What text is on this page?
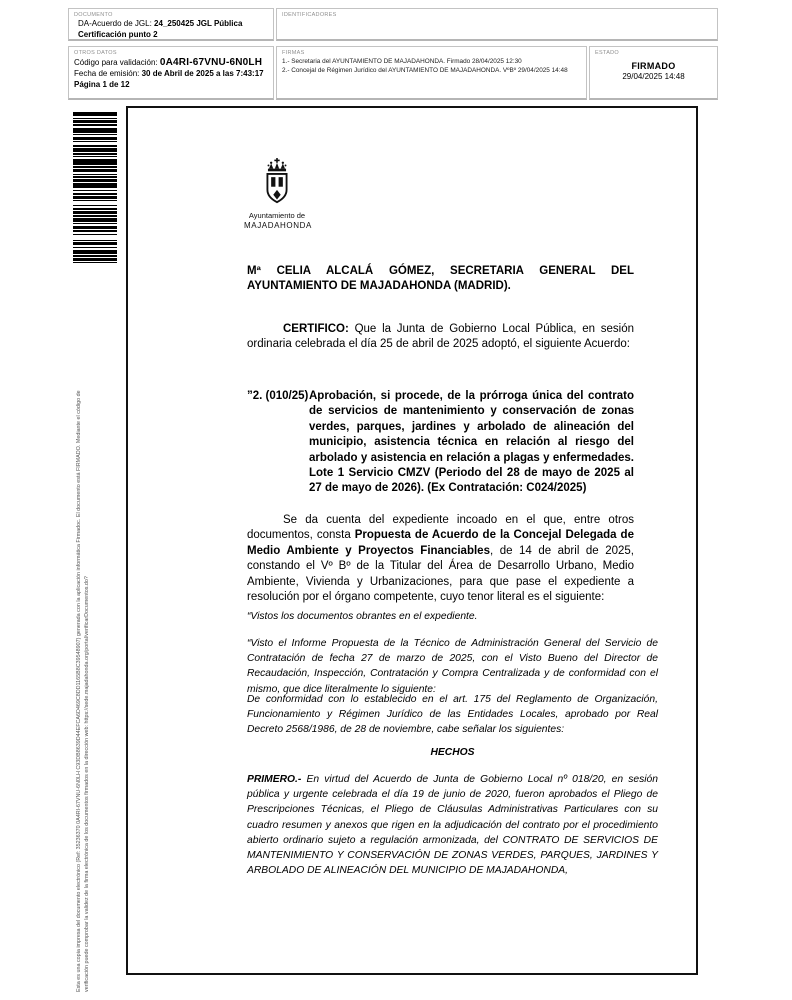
DOCUMENTO
DA-Acuerdo de JGL: 24_250425 JGL Pública
Certificación punto 2
IDENTIFICADORES
OTROS DATOS
Código para validación: 0A4RI-67VNU-6N0LH
Fecha de emisión: 30 de Abril de 2025 a las 7:43:17
Página 1 de 12
FIRMAS
1.- Secretaria del AYUNTAMIENTO DE MAJADAHONDA. Firmado 28/04/2025 12:30
2.- Concejal de Régimen Jurídico del AYUNTAMIENTO DE MAJADAHONDA. VºBº 29/04/2025 14:48
ESTADO
FIRMADO
29/04/2025 14:48
Esta es una copia impresa del documento electrónico (Ref: 35236370 0A4RI-67VNU-6N0LH C93DB8639D44EFCA6D469C8DD1165B8C39548907) generada con la aplicación informática Firmadoc. El documento está FIRMADO. Mediante el código de verificación puede comprobar la validez de la firma electrónica de los documentos firmados en la dirección web: https://sede.majadahonda.org/portal/verificarDocumentos.do?
Ayuntamiento de
MAJADAHONDA
Mª CELIA ALCALÁ GÓMEZ, SECRETARIA GENERAL DEL AYUNTAMIENTO DE MAJADAHONDA (MADRID).
CERTIFICO: Que la Junta de Gobierno Local Pública, en sesión ordinaria celebrada el día 25 de abril de 2025 adoptó, el siguiente Acuerdo:
”2. (010/25) Aprobación, si procede, de la prórroga única del contrato de servicios de mantenimiento y conservación de zonas verdes, parques, jardines y arbolado de alineación del municipio, asistencia técnica en relación al riesgo del arbolado y asistencia en relación a plagas y enfermedades. Lote 1 Servicio CMZV (Periodo del 28 de mayo de 2025 al 27 de mayo de 2026). (Ex Contratación: C024/2025)
Se da cuenta del expediente incoado en el que, entre otros documentos, consta Propuesta de Acuerdo de la Concejal Delegada de Medio Ambiente y Proyectos Financiables, de 14 de abril de 2025, constando el Vº Bº de la Titular del Área de Desarrollo Urbano, Medio Ambiente, Vivienda y Urbanizaciones, para que pase el expediente a resolución por el órgano competente, cuyo tenor literal es el siguiente:
“Vistos los documentos obrantes en el expediente.
“Visto el Informe Propuesta de la Técnico de Administración General del Servicio de Contratación de fecha 27 de marzo de 2025, con el Visto Bueno del Director de Recaudación, Inspección, Contratación y Compra Centralizada y de conformidad con el mismo, que dice literalmente lo siguiente:
De conformidad con lo establecido en el art. 175 del Reglamento de Organización, Funcionamiento y Régimen Jurídico de las Entidades Locales, aprobado por Real Decreto 2568/1986, de 28 de noviembre, cabe señalar los siguientes:
HECHOS
PRIMERO.- En virtud del Acuerdo de Junta de Gobierno Local nº 018/20, en sesión pública y urgente celebrada el día 19 de junio de 2020, fueron aprobados el Pliego de Prescripciones Técnicas, el Pliego de Cláusulas Administrativas Particulares con su cuadro resumen y anexos que rigen en la adjudicación del contrato por el procedimiento abierto ordinario sujeto a regulación armonizada, del CONTRATO DE SERVICIOS DE MANTENIMIENTO Y CONSERVACIÓN DE ZONAS VERDES, PARQUES, JARDINES Y ARBOLADO DE ALINEACIÓN DEL MUNICIPIO DE MAJADAHONDA,
